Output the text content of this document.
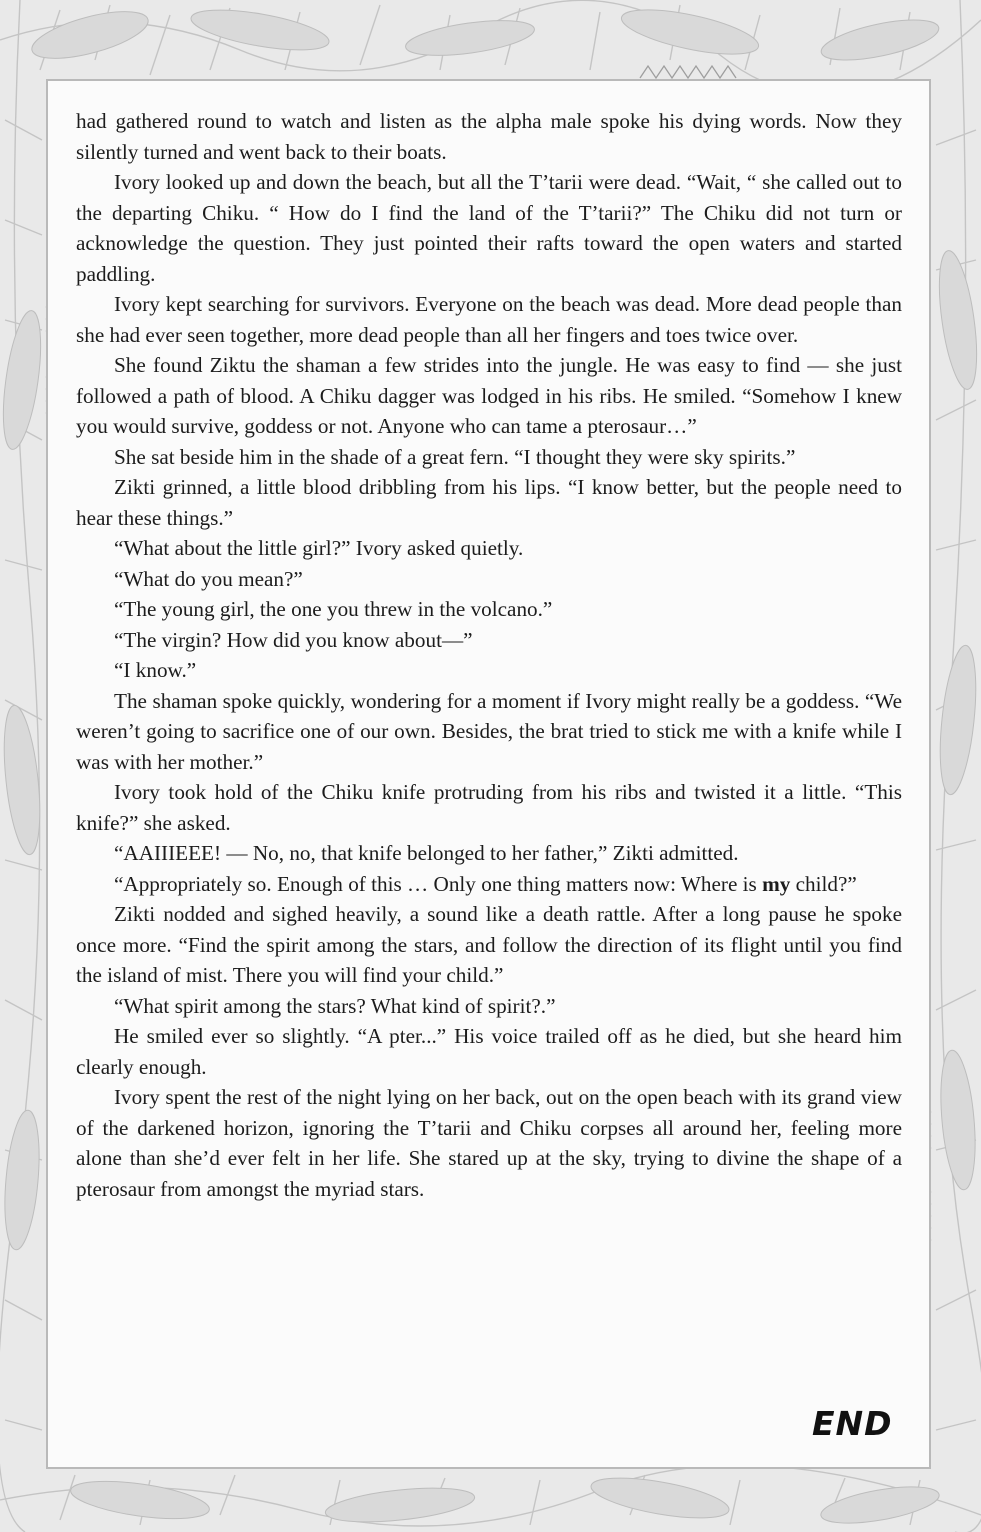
had gathered round to watch and listen as the alpha male spoke his dying words. Now they silently turned and went back to their boats.

Ivory looked up and down the beach, but all the T’tarii were dead. “Wait, “ she called out to the departing Chiku. “ How do I find the land of the T’tarii?” The Chiku did not turn or acknowledge the question. They just pointed their rafts toward the open waters and started paddling.

Ivory kept searching for survivors. Everyone on the beach was dead. More dead people than she had ever seen together, more dead people than all her fingers and toes twice over.

She found Ziktu the shaman a few strides into the jungle. He was easy to find — she just followed a path of blood. A Chiku dagger was lodged in his ribs. He smiled. “Somehow I knew you would survive, goddess or not. Anyone who can tame a pterosaur…”

She sat beside him in the shade of a great fern. “I thought they were sky spirits.”

Zikti grinned, a little blood dribbling from his lips. “I know better, but the people need to hear these things.”

“What about the little girl?” Ivory asked quietly.

“What do you mean?”

“The young girl, the one you threw in the volcano.”

“The virgin? How did you know about—”

“I know.”

The shaman spoke quickly, wondering for a moment if Ivory might really be a goddess. “We weren’t going to sacrifice one of our own. Besides, the brat tried to stick me with a knife while I was with her mother.”

Ivory took hold of the Chiku knife protruding from his ribs and twisted it a little. “This knife?” she asked.

“AAIIIEEE! — No, no, that knife belonged to her father,” Zikti admitted.

“Appropriately so. Enough of this … Only one thing matters now: Where is my child?”

Zikti nodded and sighed heavily, a sound like a death rattle. After a long pause he spoke once more. “Find the spirit among the stars, and follow the direction of its flight until you find the island of mist. There you will find your child.”

“What spirit among the stars? What kind of spirit?.”

He smiled ever so slightly. “A pter...” His voice trailed off as he died, but she heard him clearly enough.

Ivory spent the rest of the night lying on her back, out on the open beach with its grand view of the darkened horizon, ignoring the T’tarii and Chiku corpses all around her, feeling more alone than she’d ever felt in her life. She stared up at the sky, trying to divine the shape of a pterosaur from amongst the myriad stars.

END
